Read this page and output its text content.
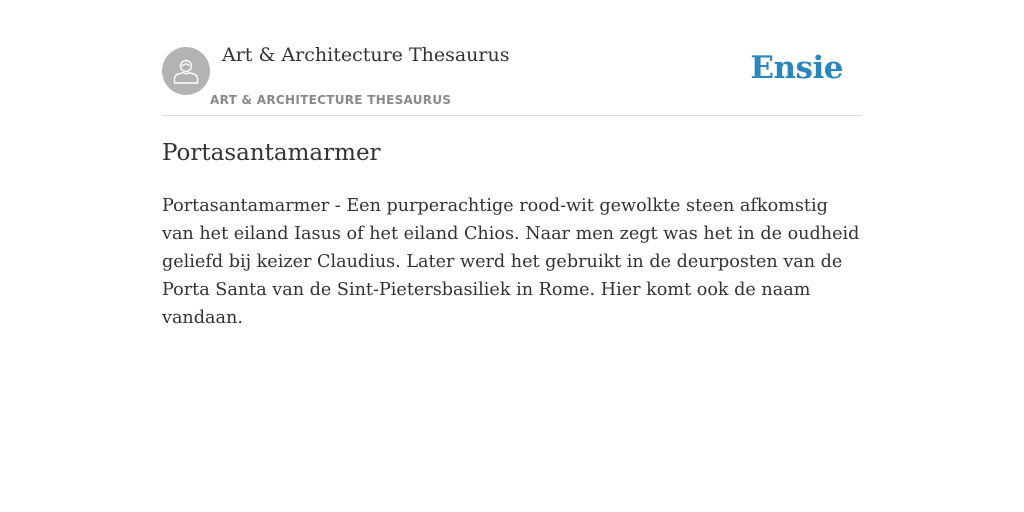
Art & Architecture Thesaurus
ART & ARCHITECTURE THESAURUS
Ensie
Portasantamarmer

Portasantamarmer - Een purperachtige rood-wit gewolkte steen afkomstig van het eiland Iasus of het eiland Chios. Naar men zegt was het in de oudheid geliefd bij keizer Claudius. Later werd het gebruikt in de deurposten van de Porta Santa van de Sint-Pietersbasiliek in Rome. Hier komt ook de naam vandaan.
